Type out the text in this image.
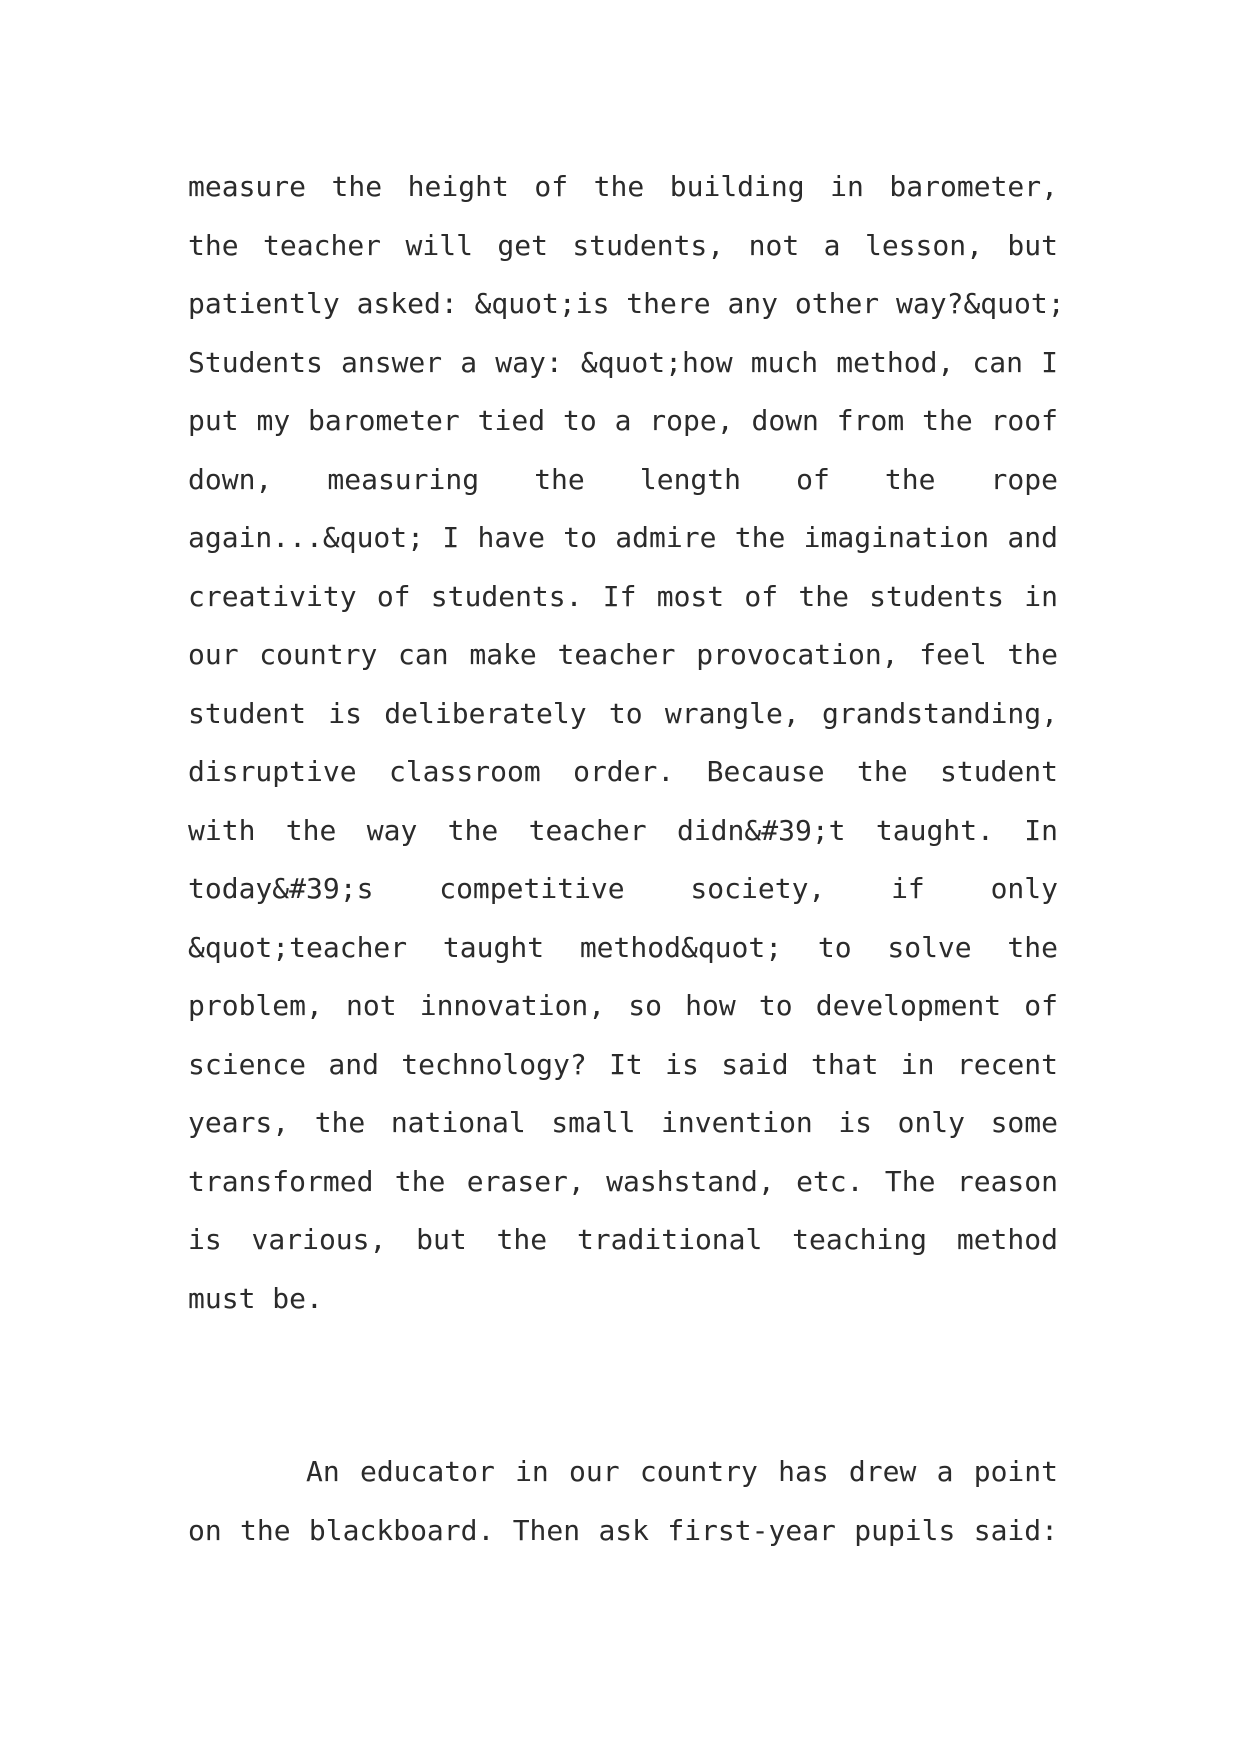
measure the height of the building in barometer,
the teacher will get students, not a lesson, but
patiently asked: &quot;is there any other way?&quot;
Students answer a way: &quot;how much method, can I
put my barometer tied to a rope, down from the roof
down, measuring the length of the rope
again...&quot; I have to admire the imagination and
creativity of students. If most of the students in
our country can make teacher provocation, feel the
student is deliberately to wrangle, grandstanding,
disruptive classroom order. Because the student
with the way the teacher didn&#39;t taught. In
today&#39;s competitive society, if only
&quot;teacher taught method&quot; to solve the
problem, not innovation, so how to development of
science and technology? It is said that in recent
years, the national small invention is only some
transformed the eraser, washstand, etc. The reason
is various, but the traditional teaching method
must be.
An educator in our country has drew a point
on the blackboard. Then ask first-year pupils said:
